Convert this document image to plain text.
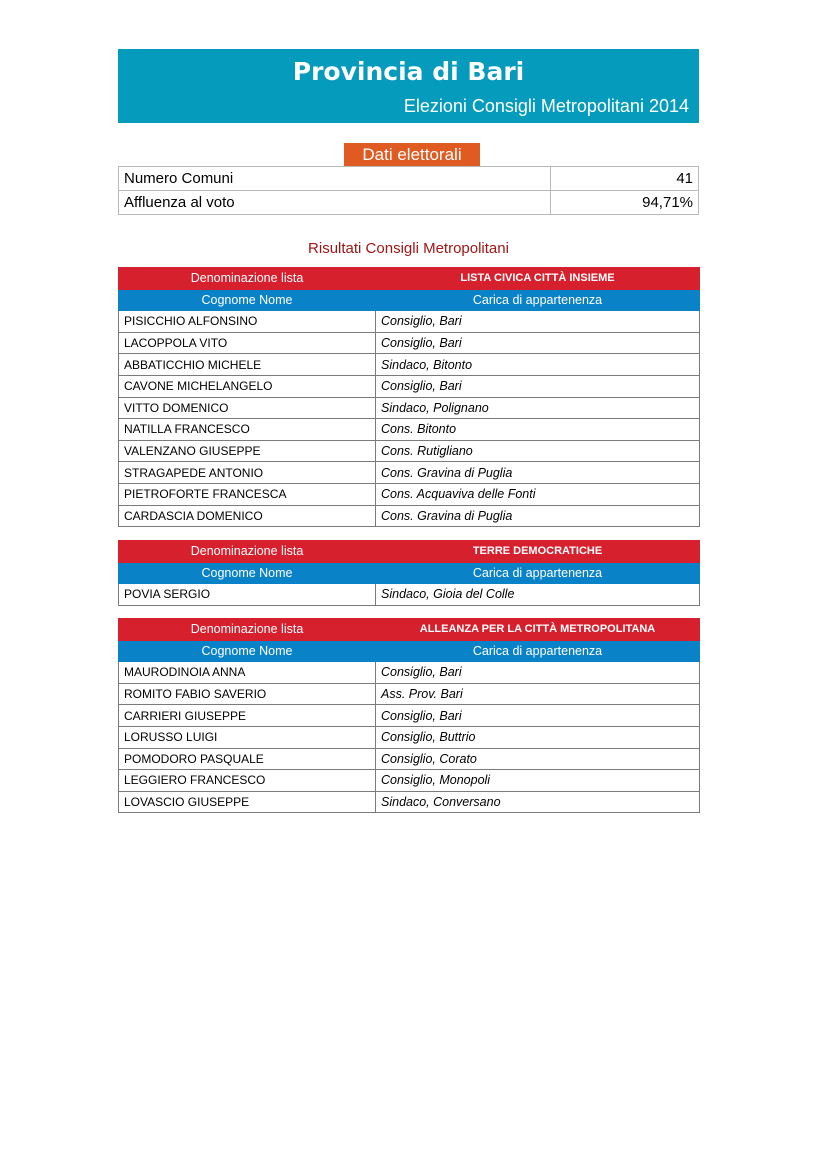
Provincia di Bari
Elezioni Consigli Metropolitani 2014
Dati elettorali
Numero Comuni	41
Affluenza al voto	94,71%
Risultati Consigli Metropolitani
Denominazione lista	LISTA CIVICA CITTÀ INSIEME
Cognome Nome	Carica di appartenenza
PISICCHIO ALFONSINO	Consiglio, Bari
LACOPPOLA VITO	Consiglio, Bari
ABBATICCHIO MICHELE	Sindaco, Bitonto
CAVONE MICHELANGELO	Consiglio, Bari
VITTO DOMENICO	Sindaco, Polignano
NATILLA FRANCESCO	Cons. Bitonto
VALENZANO GIUSEPPE	Cons. Rutigliano
STRAGAPEDE ANTONIO	Cons. Gravina di Puglia
PIETROFORTE FRANCESCA	Cons. Acquaviva delle Fonti
CARDASCIA DOMENICO	Cons. Gravina di Puglia
Denominazione lista	TERRE DEMOCRATICHE
Cognome Nome	Carica di appartenenza
POVIA SERGIO	Sindaco, Gioia del Colle
Denominazione lista	ALLEANZA PER LA CITTÀ METROPOLITANA
Cognome Nome	Carica di appartenenza
MAURODINOIA ANNA	Consiglio, Bari
ROMITO FABIO SAVERIO	Ass. Prov. Bari
CARRIERI GIUSEPPE	Consiglio, Bari
LORUSSO LUIGI	Consiglio, Buttrio
POMODORO PASQUALE	Consiglio, Corato
LEGGIERO FRANCESCO	Consiglio, Monopoli
LOVASCIO GIUSEPPE	Sindaco, Conversano
